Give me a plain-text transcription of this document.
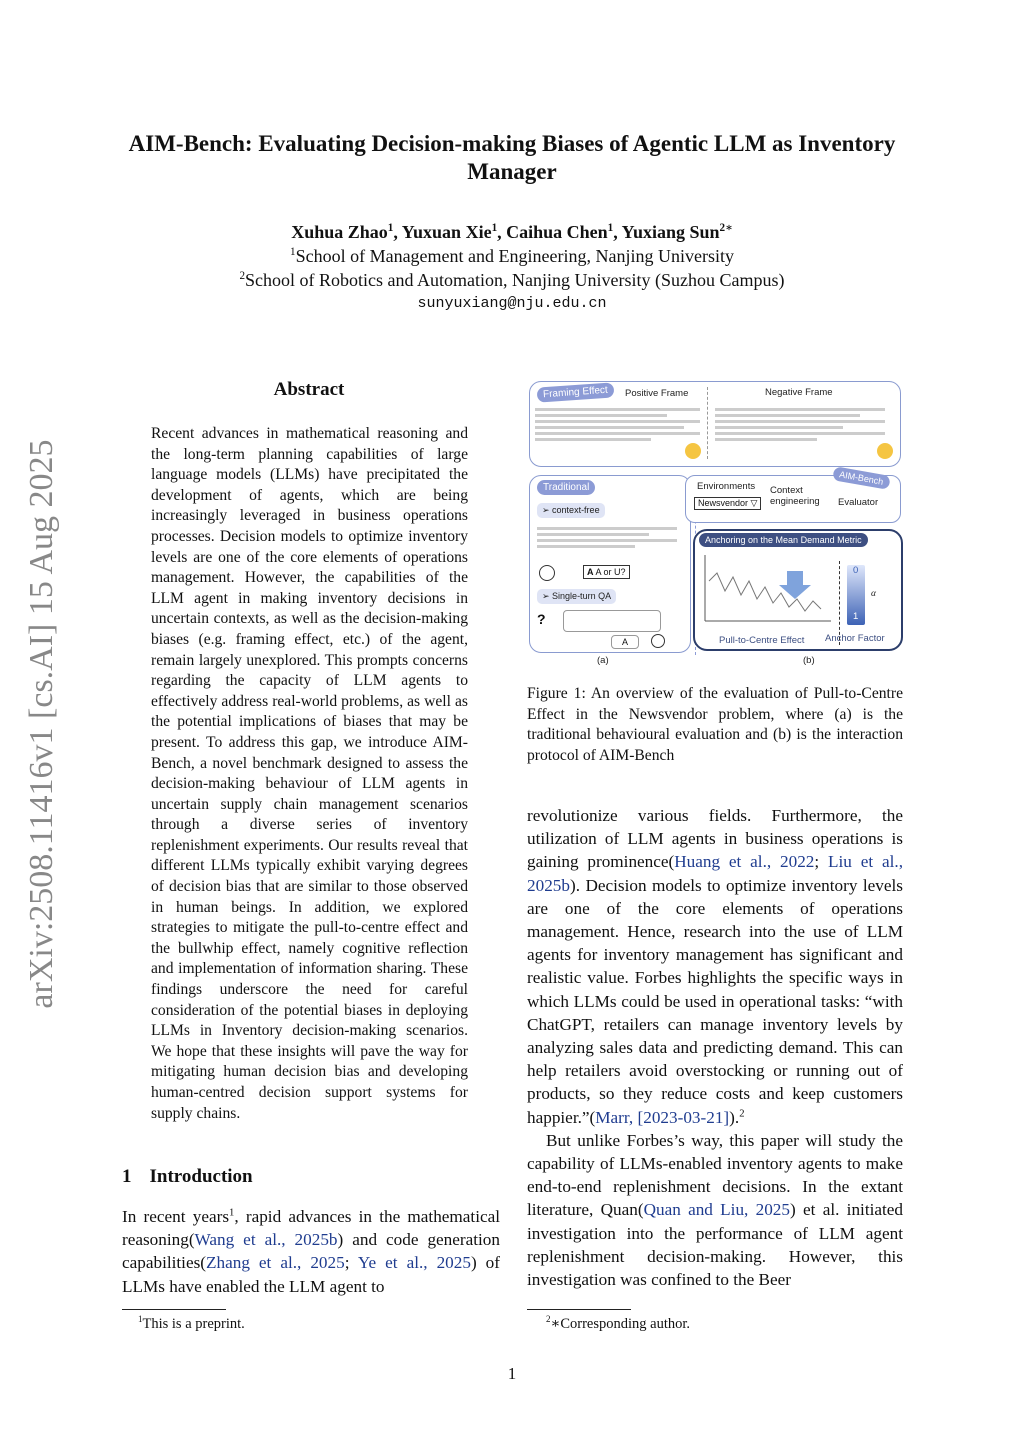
AIM-Bench: Evaluating Decision-making Biases of Agentic LLM as Inventory Manager
Xuhua Zhao$^1$, Yuxuan Xie$^1$, Caihua Chen$^1$, Yuxiang Sun$^{2∗}$
$^1$School of Management and Engineering, Nanjing University
$^2$School of Robotics and Automation, Nanjing University (Suzhou Campus)
sunyuxiang@nju.edu.cn
arXiv:2508.11416v1 [cs.AI] 15 Aug 2025
Abstract
Recent advances in mathematical reasoning and the long-term planning capabilities of large language models (LLMs) have precipitated the development of agents, which are being increasingly leveraged in business operations processes. Decision models to optimize inventory levels are one of the core elements of operations management. However, the capabilities of the LLM agent in making inventory decisions in uncertain contexts, as well as the decision-making biases (e.g. framing effect, etc.) of the agent, remain largely unexplored. This prompts concerns regarding the capacity of LLM agents to effectively address real-world problems, as well as the potential implications of biases that may be present. To address this gap, we introduce AIM-Bench, a novel benchmark designed to assess the decision-making behaviour of LLM agents in uncertain supply chain management scenarios through a diverse series of inventory replenishment experiments. Our results reveal that different LLMs typically exhibit varying degrees of decision bias that are similar to those observed in human beings. In addition, we explored strategies to mitigate the pull-to-centre effect and the bullwhip effect, namely cognitive reflection and implementation of information sharing. These findings underscore the need for careful consideration of the potential biases in deploying LLMs in Inventory decision-making scenarios. We hope that these insights will pave the way for mitigating human decision bias and developing human-centred decision support systems for supply chains.
1 Introduction
In recent years$^1$, rapid advances in the mathematical reasoning(Wang et al., 2025b) and code generation capabilities(Zhang et al., 2025; Ye et al., 2025) of LLMs have enabled the LLM agent to
$^1$This is a preprint.
Framing Effect	Positive Frame	Negative Frame
Traditional
➢ context-free
A A or U?
➢ Single-turn QA
?
A
(a)
Environments
Newsvendor ▽
Context engineering	Evaluator
AIM-Bench
Anchoring on the Mean Demand Metric
0
1
α
Pull-to-Centre Effect Anchor Factor
(b)
Figure 1: An overview of the evaluation of Pull-to-Centre Effect in the Newsvendor problem, where (a) is the traditional behavioural evaluation and (b) is the interaction protocol of AIM-Bench

revolutionize various fields. Furthermore, the utilization of LLM agents in business operations is gaining prominence(Huang et al., 2022; Liu et al., 2025b). Decision models to optimize inventory levels are one of the core elements of operations management. Hence, research into the use of LLM agents for inventory management has significant and realistic value. Forbes highlights the specific ways in which LLMs could be used in operational tasks: “with ChatGPT, retailers can manage inventory levels by analyzing sales data and predicting demand. This can help retailers avoid overstocking or running out of products, so they reduce costs and keep customers happier.”(Marr, [2023-03-21]).$^2$

But unlike Forbes’s way, this paper will study the capability of LLMs-enabled inventory agents to make end-to-end replenishment decisions. In the extant literature, Quan(Quan and Liu, 2025) et al. initiated investigation into the performance of LLM agent replenishment decision-making. However, this investigation was confined to the Beer

$^2$∗Corresponding author.
1
